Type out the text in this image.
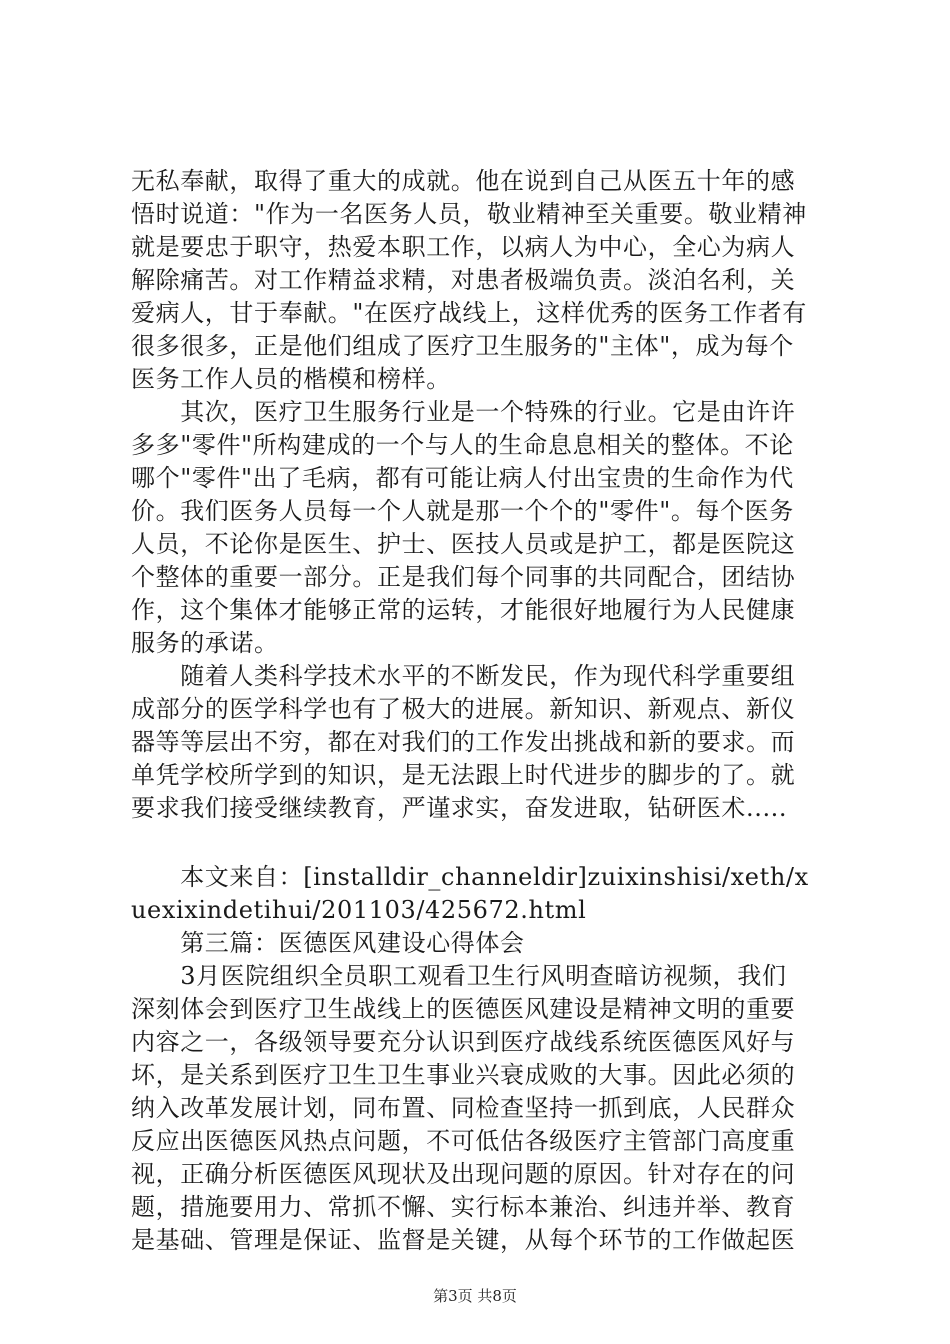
无私奉献，取得了重大的成就。他在说到自己从医五十年的感
悟时说道："作为一名医务人员，敬业精神至关重要。敬业精神
就是要忠于职守，热爱本职工作，以病人为中心，全心为病人
解除痛苦。对工作精益求精，对患者极端负责。淡泊名利，关
爱病人，甘于奉献。"在医疗战线上，这样优秀的医务工作者有
很多很多，正是他们组成了医疗卫生服务的"主体"，成为每个
医务工作人员的楷模和榜样。
　　其次，医疗卫生服务行业是一个特殊的行业。它是由许许
多多"零件"所构建成的一个与人的生命息息相关的整体。不论
哪个"零件"出了毛病，都有可能让病人付出宝贵的生命作为代
价。我们医务人员每一个人就是那一个个的"零件"。每个医务
人员，不论你是医生、护士、医技人员或是护工，都是医院这
个整体的重要一部分。正是我们每个同事的共同配合，团结协
作，这个集体才能够正常的运转，才能很好地履行为人民健康
服务的承诺。
　　随着人类科学技术水平的不断发民，作为现代科学重要组
成部分的医学科学也有了极大的进展。新知识、新观点、新仪
器等等层出不穷，都在对我们的工作发出挑战和新的要求。而
单凭学校所学到的知识，是无法跟上时代进步的脚步的了。就
要求我们接受继续教育，严谨求实，奋发进取，钻研医术.....
　　本文来自：[installdir_channeldir]zuixinshisi/xeth/x
uexixindetihui/201103/425672.html
　　第三篇：医德医风建设心得体会
　　3月医院组织全员职工观看卫生行风明查暗访视频，我们
深刻体会到医疗卫生战线上的医德医风建设是精神文明的重要
内容之一，各级领导要充分认识到医疗战线系统医德医风好与
坏，是关系到医疗卫生卫生事业兴衰成败的大事。因此必须的
纳入改革发展计划，同布置、同检查坚持一抓到底，人民群众
反应出医德医风热点问题，不可低估各级医疗主管部门高度重
视，正确分析医德医风现状及出现问题的原因。针对存在的问
题，措施要用力、常抓不懈、实行标本兼治、纠违并举、教育
是基础、管理是保证、监督是关键，从每个环节的工作做起医
第3页 共8页
